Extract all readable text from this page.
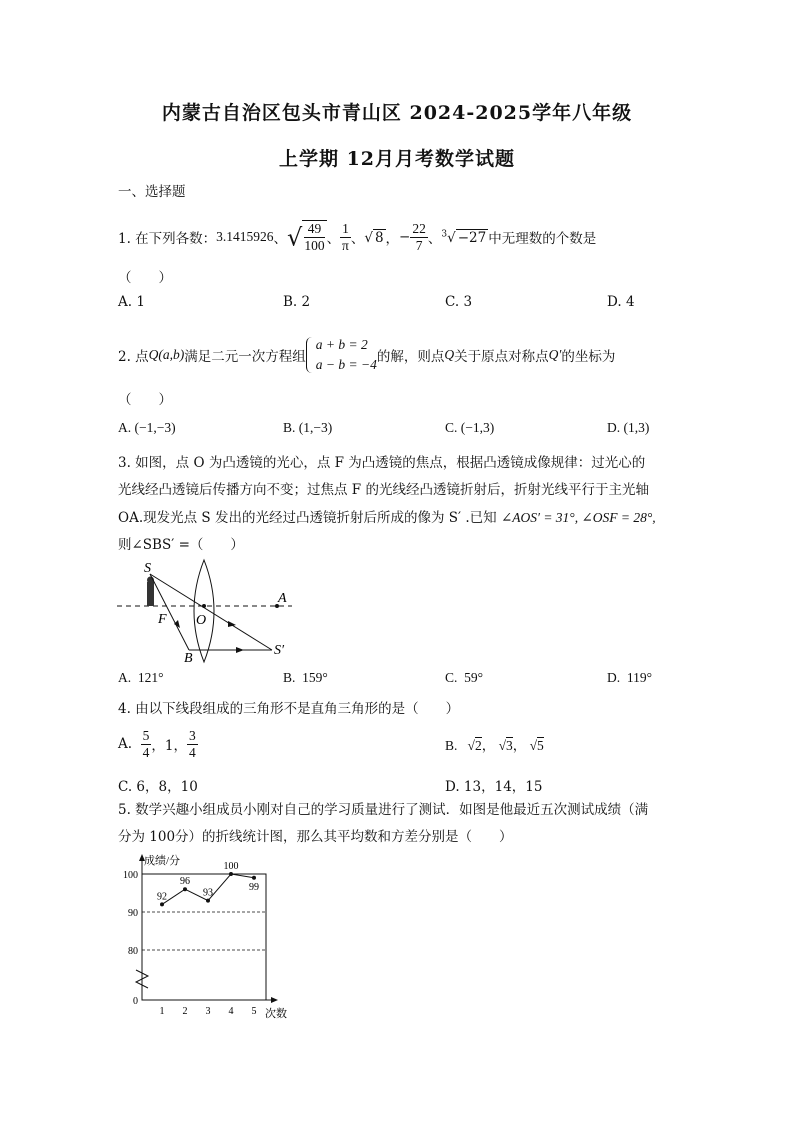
内蒙古自治区包头市青山区 2024-2025学年八年级
上学期 12月月考数学试题
一、选择题
1. 在下列各数： 3.1415926 、 √ $\frac{49}{100}$ 、 $\frac{1}{\pi}$ 、 √ 8 ， − $\frac{22}{7}$ 、 $^3$√ −27 中无理数的个数是
（　　）
A. 1	B. 2	C. 3	D. 4
2. 点 Q(a,b) 满足二元一次方程组
a + b = 2
a − b = −4 的解，则点 Q 关于原点对称点 Q′ 的坐标为
（　　）
A. (−1,−3)	B. (1,−3)	C. (−1,3)	D. (1,3)
3. 如图，点 O 为凸透镜的光心，点 F 为凸透镜的焦点，根据凸透镜成像规律：过光心的
光线经凸透镜后传播方向不变；过焦点 F 的光线经凸透镜折射后，折射光线平行于主光轴
OA.现发光点 S 发出的光经过凸透镜折射后所成的像为 S′ .已知 ∠AOS′ = 31°, ∠OSF = 28°,
则∠SBS′ =（　　）
S
F O
A
B
S′
A. 121°	B. 159°	C. 59°	D. 119°
4. 由以下线段组成的三角形不是直角三角形的是（　　）
A.
$\frac{5}{4}$ ，1， $\frac{3}{4}$	B. √2， √3， √5
C. 6，8，10	D. 13，14，15
5. 数学兴趣小组成员小刚对自己的学习质量进行了测试．如图是他最近五次测试成绩（满
分为 100分）的折线统计图，那么其平均数和方差分别是（　　）
成绩/分
次数
0
80
90
100
1 2 3 4 5
92
96
93
100
99
